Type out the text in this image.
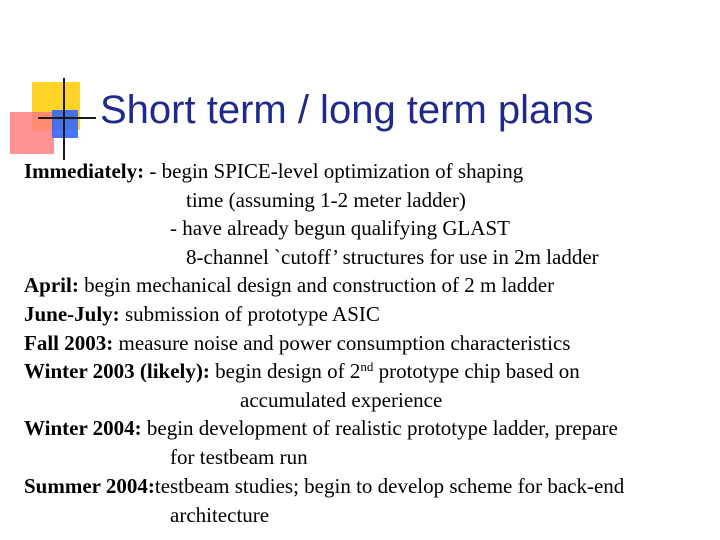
Short term / long term plans
Immediately: - begin SPICE-level optimization of shaping
time (assuming 1-2 meter ladder)
- have already begun qualifying GLAST
8-channel `cutoff’ structures for use in 2m ladder
April: begin mechanical design and construction of 2 m ladder
June-July: submission of prototype ASIC
Fall 2003: measure noise and power consumption characteristics
Winter 2003 (likely): begin design of 2nd prototype chip based on
accumulated experience
Winter 2004: begin development of realistic prototype ladder, prepare
for testbeam run
Summer 2004:testbeam studies; begin to develop scheme for back-end
architecture
